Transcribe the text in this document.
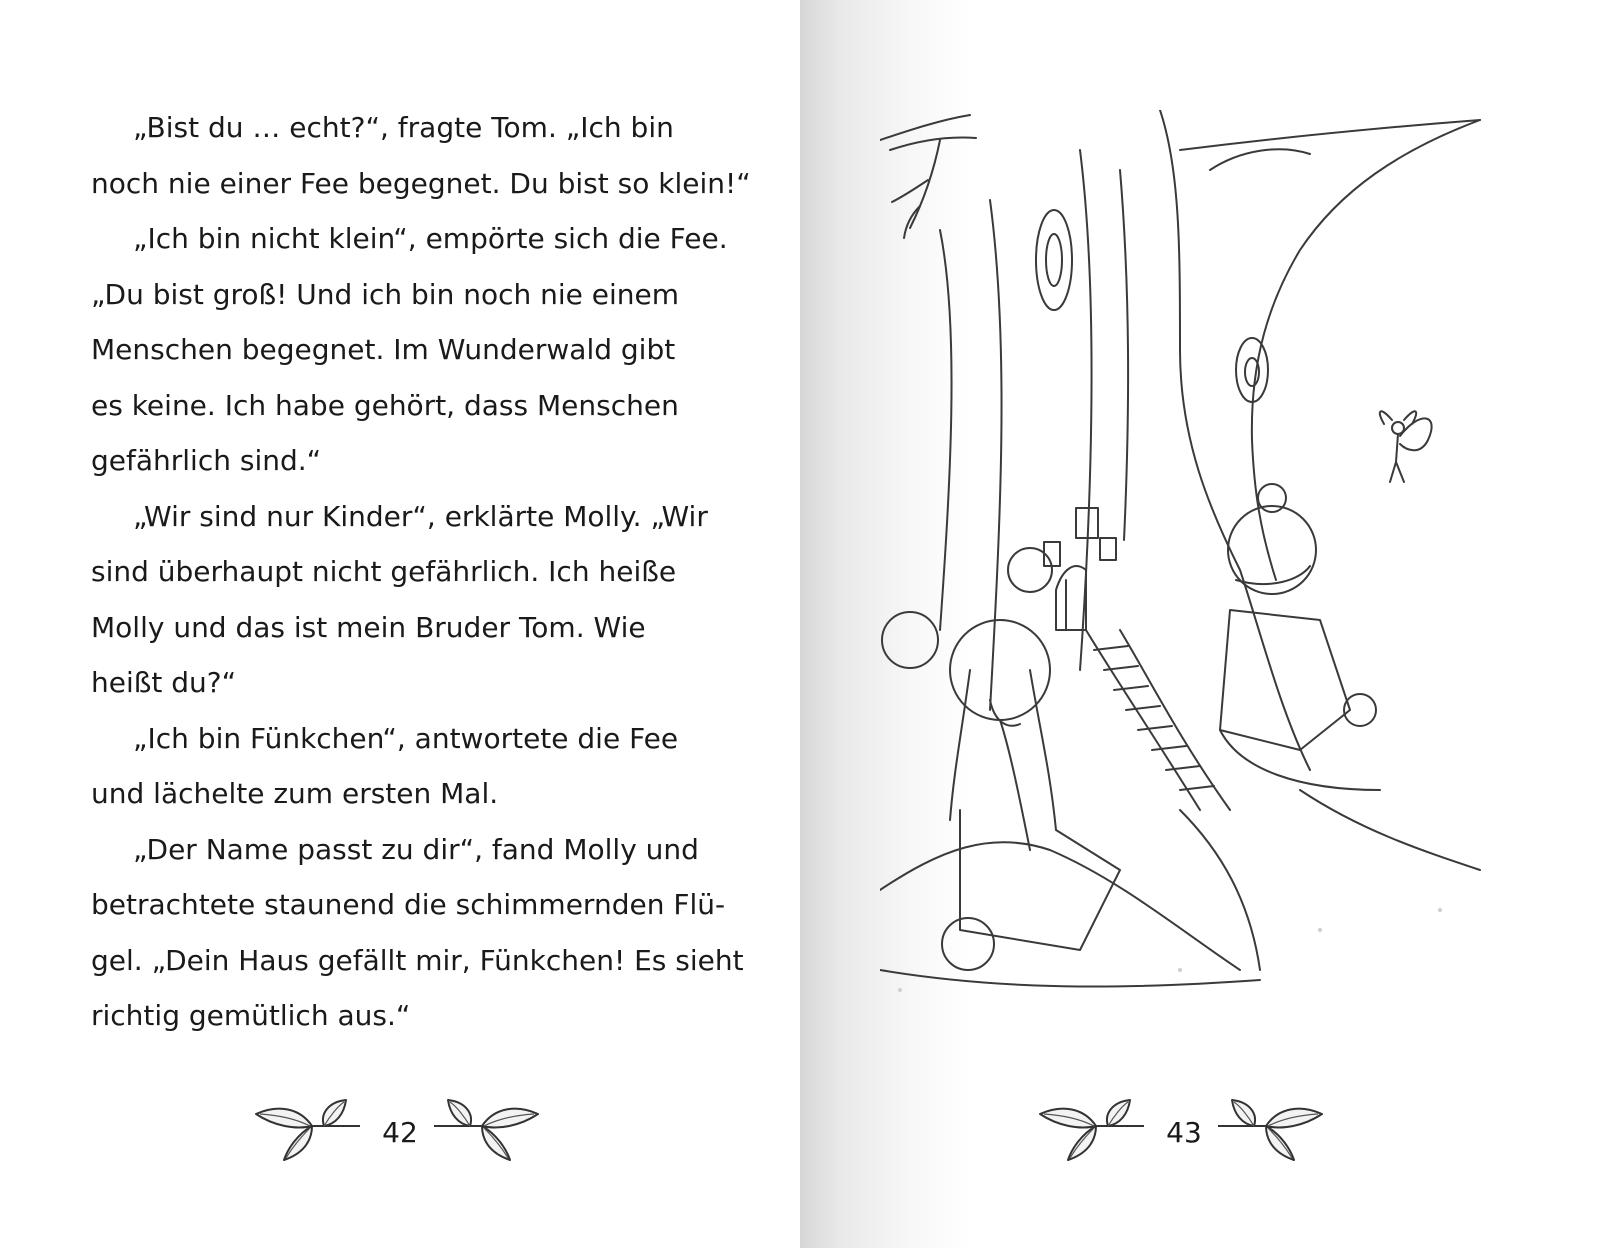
„Bist du … echt?“, fragte Tom. „Ich bin
noch nie einer Fee begegnet. Du bist so klein!“
„Ich bin nicht klein“, empörte sich die Fee.
„Du bist groß! Und ich bin noch nie einem
Menschen begegnet. Im Wunderwald gibt
es keine. Ich habe gehört, dass Menschen
gefährlich sind.“
„Wir sind nur Kinder“, erklärte Molly. „Wir
sind überhaupt nicht gefährlich. Ich heiße
Molly und das ist mein Bruder Tom. Wie
heißt du?“
„Ich bin Fünkchen“, antwortete die Fee
und lächelte zum ersten Mal.
„Der Name passt zu dir“, fand Molly und
betrachtete staunend die schimmernden Flü-
gel. „Dein Haus gefällt mir, Fünkchen! Es sieht
richtig gemütlich aus.“
42	43
